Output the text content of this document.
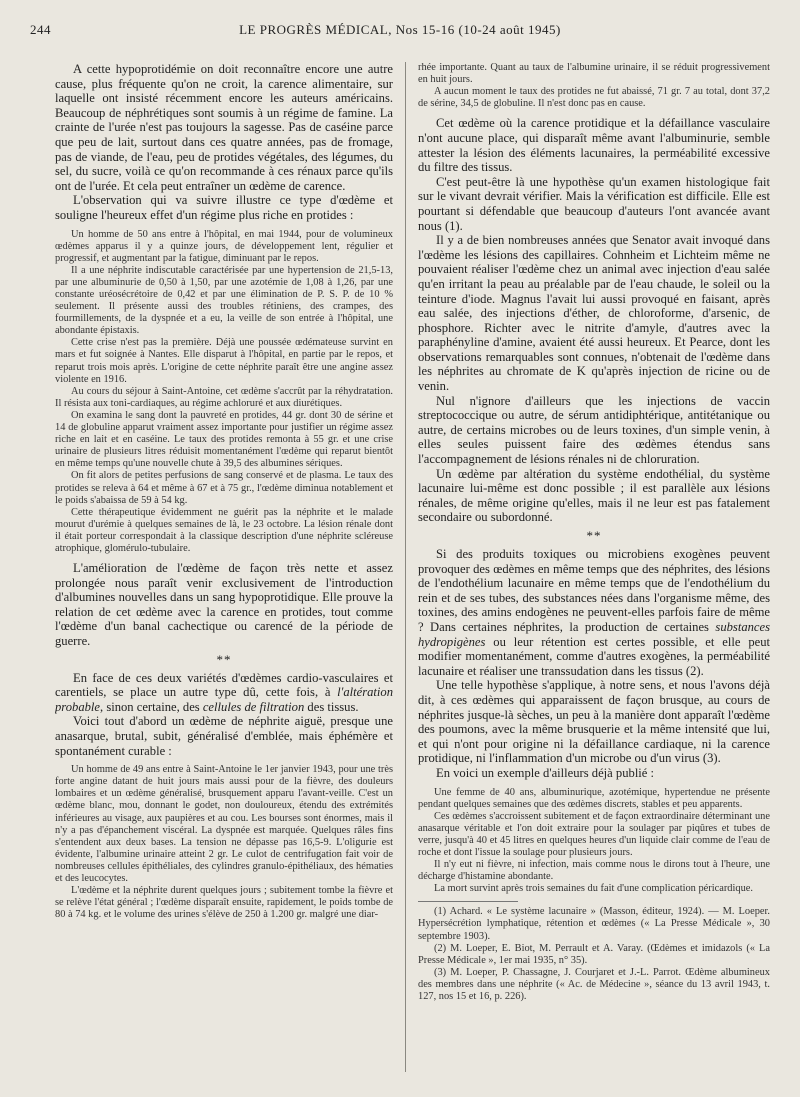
244	LE PROGRÈS MÉDICAL, Nos 15-16 (10-24 août 1945)

A cette hypoprotidémie on doit reconnaître encore une autre cause, plus fréquente qu'on ne croit, la carence alimentaire, sur laquelle ont insisté récemment encore les auteurs américains. Beaucoup de néphrétiques sont soumis à un régime de famine. La crainte de l'urée n'est pas toujours la sagesse. Pas de caséine parce que peu de lait, surtout dans ces quatre années, pas de fromage, pas de viande, de l'eau, peu de protides végétales, des légumes, du sel, du sucre, voilà ce qu'on recommande à ces rénaux parce qu'ils ont de l'urée. Et cela peut entraîner un œdème de carence.

L'observation qui va suivre illustre ce type d'œdème et souligne l'heureux effet d'un régime plus riche en protides :

Un homme de 50 ans entre à l'hôpital, en mai 1944, pour de volumineux œdèmes apparus il y a quinze jours, de développement lent, régulier et progressif, et augmentant par la fatigue, diminuant par le repos.

Il a une néphrite indiscutable caractérisée par une hypertension de 21,5-13, par une albuminurie de 0,50 à 1,50, par une azotémie de 1,08 à 1,26, par une constante uréosécrétoire de 0,42 et par une élimination de P. S. P. de 10 % seulement. Il présente aussi des troubles rétiniens, des crampes, des fourmillements, de la dyspnée et a eu, la veille de son entrée à l'hôpital, une abondante épistaxis.

Cette crise n'est pas la première. Déjà une poussée œdémateuse survint en mars et fut soignée à Nantes. Elle disparut à l'hôpital, en partie par le repos, et reparut trois mois après. L'origine de cette néphrite paraît être une angine assez violente en 1916.

Au cours du séjour à Saint-Antoine, cet œdème s'accrût par la réhydratation. Il résista aux toni-cardiaques, au régime achloruré et aux diurétiques.

On examina le sang dont la pauvreté en protides, 44 gr. dont 30 de sérine et 14 de globuline apparut vraiment assez importante pour justifier un régime assez riche en lait et en caséine. Le taux des protides remonta à 55 gr. et une crise urinaire de plusieurs litres réduisit momentanément l'œdème qui reparut bientôt en même temps qu'une nouvelle chute à 39,5 des albumines sériques.

On fit alors de petites perfusions de sang conservé et de plasma. Le taux des protides se releva à 64 et même à 67 et à 75 gr., l'œdème diminua notablement et le poids s'abaissa de 59 à 54 kg.

Cette thérapeutique évidemment ne guérit pas la néphrite et le malade mourut d'urémie à quelques semaines de là, le 23 octobre. La lésion rénale dont il était porteur correspondait à la classique description d'une néphrite scléreuse atrophique, glomérulo-tubulaire.

L'amélioration de l'œdème de façon très nette et assez prolongée nous paraît venir exclusivement de l'introduction d'albumines nouvelles dans un sang hypoprotidique. Elle prouve la relation de cet œdème avec la carence en protides, tout comme l'œdème d'un banal cachectique ou carencé de la période de guerre.

**

En face de ces deux variétés d'œdèmes cardio-vasculaires et carentiels, se place un autre type dû, cette fois, à l'altération probable, sinon certaine, des cellules de filtration des tissus.

Voici tout d'abord un œdème de néphrite aiguë, presque une anasarque, brutal, subit, généralisé d'emblée, mais éphémère et spontanément curable :

Un homme de 49 ans entre à Saint-Antoine le 1er janvier 1943, pour une très forte angine datant de huit jours mais aussi pour de la fièvre, des douleurs lombaires et un œdème généralisé, brusquement apparu l'avant-veille. C'est un œdème blanc, mou, donnant le godet, non douloureux, étendu des extrémités inférieures au visage, aux paupières et au cou. Les bourses sont énormes, mais il n'y a pas d'épanchement viscéral. La dyspnée est marquée. Quelques râles fins s'entendent aux deux bases. La tension ne dépasse pas 16,5-9. L'oligurie est évidente, l'albumine urinaire atteint 2 gr. Le culot de centrifugation fait voir de nombreuses cellules épithéliales, des cylindres granulo-épithéliaux, des hématies et des leucocytes.

L'œdème et la néphrite durent quelques jours ; subitement tombe la fièvre et se relève l'état général ; l'œdème disparaît ensuite, rapidement, le poids tombe de 80 à 74 kg. et le volume des urines s'élève de 250 à 1.200 gr. malgré une diar-

rhée importante. Quant au taux de l'albumine urinaire, il se réduit progressivement en huit jours.

A aucun moment le taux des protides ne fut abaissé, 71 gr. 7 au total, dont 37,2 de sérine, 34,5 de globuline. Il n'est donc pas en cause.

Cet œdème où la carence protidique et la défaillance vasculaire n'ont aucune place, qui disparaît même avant l'albuminurie, semble attester la lésion des éléments lacunaires, la perméabilité excessive du filtre des tissus.

C'est peut-être là une hypothèse qu'un examen histologique fait sur le vivant devrait vérifier. Mais la vérification est difficile. Elle est pourtant si défendable que beaucoup d'auteurs l'ont avancée avant nous (1).

Il y a de bien nombreuses années que Senator avait invoqué dans l'œdème les lésions des capillaires. Cohnheim et Lichteim même ne pouvaient réaliser l'œdème chez un animal avec injection d'eau salée qu'en irritant la peau au préalable par de l'eau chaude, le soleil ou la teinture d'iode. Magnus l'avait lui aussi provoqué en faisant, après eau salée, des injections d'éther, de chloroforme, d'arsenic, de phosphore. Richter avec le nitrite d'amyle, d'autres avec la paraphényline d'amine, avaient été aussi heureux. Et Pearce, dont les observations remarquables sont connues, n'obtenait de l'œdème dans les néphrites au chromate de K qu'après injection de ricine ou de venin.

Nul n'ignore d'ailleurs que les injections de vaccin streptococcique ou autre, de sérum antidiphtérique, antitétanique ou autre, de certains microbes ou de leurs toxines, d'un simple venin, à elles seules puissent faire des œdèmes étendus sans l'accompagnement de lésions rénales ni de chloruration.

Un œdème par altération du système endothélial, du système lacunaire lui-même est donc possible ; il est parallèle aux lésions rénales, de même origine qu'elles, mais il ne leur est pas fatalement secondaire ou subordonné.

**

Si des produits toxiques ou microbiens exogènes peuvent provoquer des œdèmes en même temps que des néphrites, des lésions de l'endothélium lacunaire en même temps que de l'endothélium du rein et de ses tubes, des substances nées dans l'organisme même, des toxines, des amins endogènes ne peuvent-elles parfois faire de même ? Dans certaines néphrites, la production de certaines substances hydropigènes ou leur rétention est certes possible, et elle peut modifier momentanément, comme d'autres exogènes, la perméabilité lacunaire et réaliser une transsudation dans les tissus (2).

Une telle hypothèse s'applique, à notre sens, et nous l'avons déjà dit, à ces œdèmes qui apparaissent de façon brusque, au cours de néphrites jusque-là sèches, un peu à la manière dont apparaît l'œdème des poumons, avec la même brusquerie et la même intensité que lui, et qui n'ont pour origine ni la défaillance cardiaque, ni la carence protidique, ni l'inflammation d'un microbe ou d'un virus (3).

En voici un exemple d'ailleurs déjà publié :

Une femme de 40 ans, albuminurique, azotémique, hypertendue ne présente pendant quelques semaines que des œdèmes discrets, stables et peu apparents.

Ces œdèmes s'accroissent subitement et de façon extraordinaire déterminant une anasarque véritable et l'on doit extraire pour la soulager par piqûres et tubes de verre, jusqu'à 40 et 45 litres en quelques heures d'un liquide clair comme de l'eau de roche et dont l'issue la soulage pour plusieurs jours.

Il n'y eut ni fièvre, ni infection, mais comme nous le dirons tout à l'heure, une décharge d'histamine abondante.

La mort survint après trois semaines du fait d'une complication péricardique.

(1) Achard. « Le système lacunaire » (Masson, éditeur, 1924). — M. Loeper. Hypersécrétion lymphatique, rétention et œdèmes (« La Presse Médicale », 30 septembre 1903).

(2) M. Loeper, E. Biot, M. Perrault et A. Varay. (Œdèmes et imidazols (« La Presse Médicale », 1er mai 1935, n° 35).

(3) M. Loeper, P. Chassagne, J. Courjaret et J.-L. Parrot. Œdème albumineux des membres dans une néphrite (« Ac. de Médecine », séance du 13 avril 1943, t. 127, nos 15 et 16, p. 226).
